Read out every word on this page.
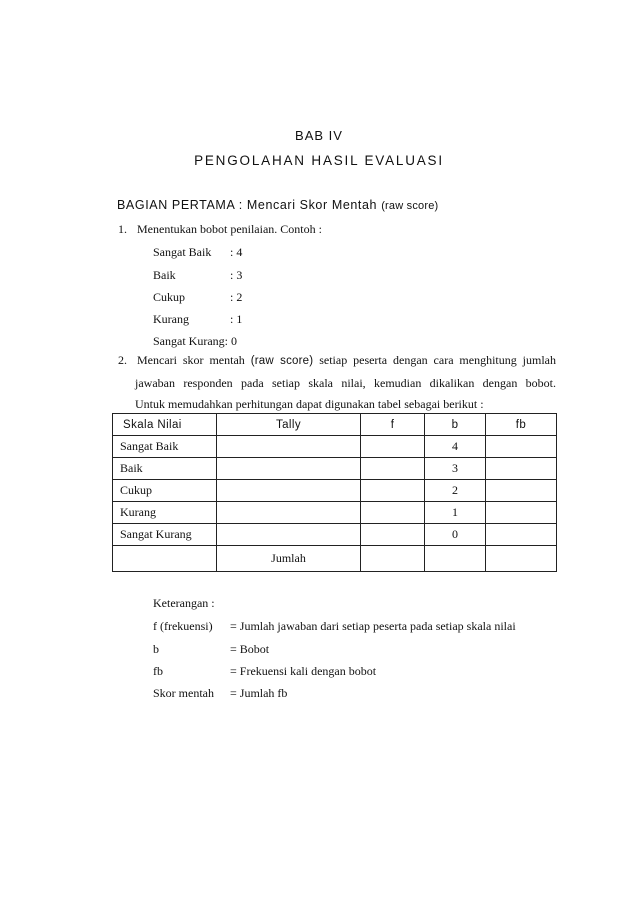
BAB IV
PENGOLAHAN HASIL EVALUASI
BAGIAN PERTAMA : Mencari Skor Mentah (raw score)
1. Menentukan bobot penilaian. Contoh :
Sangat Baik : 4
Baik	: 3
Cukup	: 2
Kurang	: 1
Sangat Kurang: 0
2. Mencari skor mentah (raw score) setiap peserta dengan cara menghitung jumlah
jawaban responden pada setiap skala nilai, kemudian dikalikan dengan bobot.
Untuk memudahkan perhitungan dapat digunakan tabel sebagai berikut :
Skala Nilai	Tally	f	b	fb
Sangat Baik			4	
Baik			3	
Cukup			2	
Kurang			1	
Sangat Kurang			0	
	Jumlah			
Keterangan :
f (frekuensi) = Jumlah jawaban dari setiap peserta pada setiap skala nilai
b	= Bobot
fb	= Frekuensi kali dengan bobot
Skor mentah = Jumlah fb
